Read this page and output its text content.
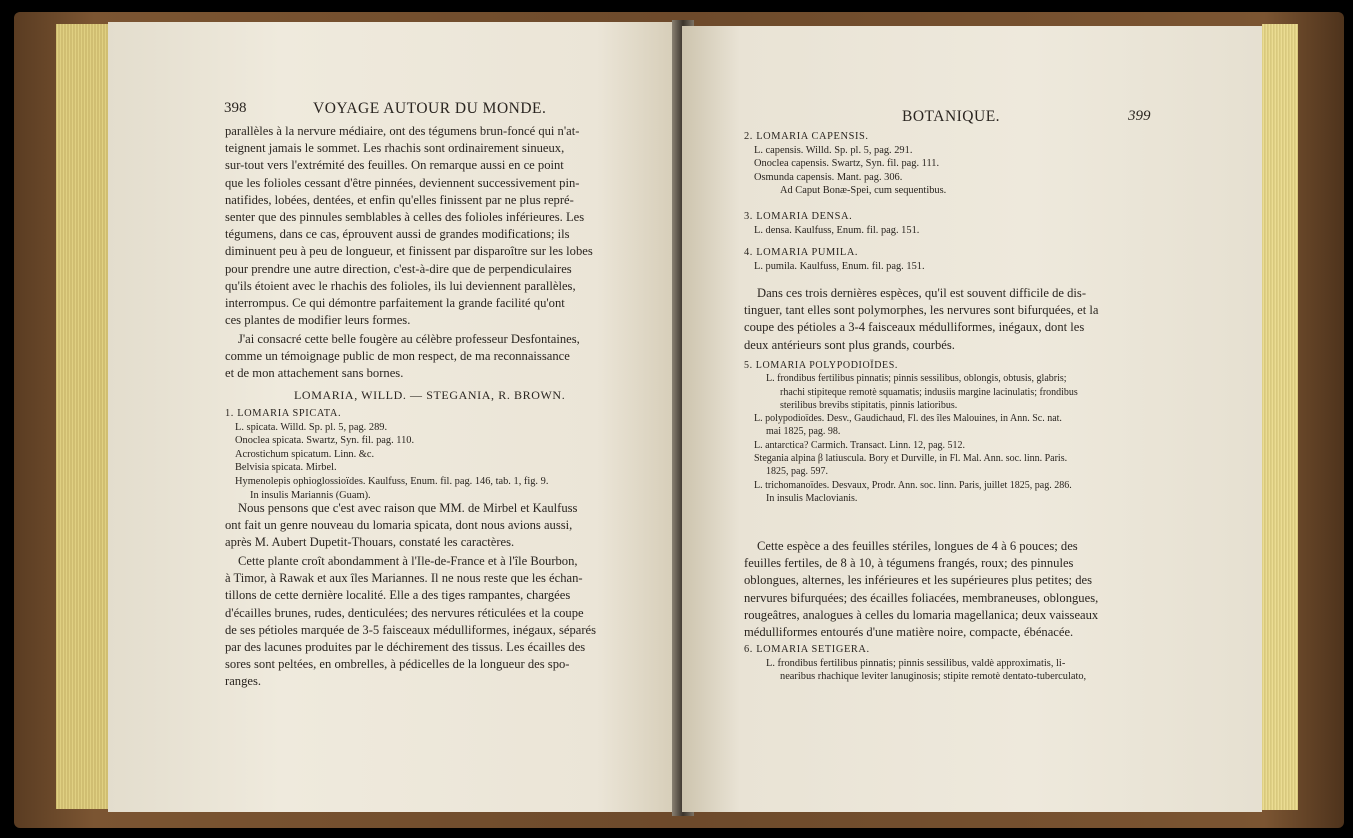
398	VOYAGE AUTOUR DU MONDE.
parallèles à la nervure médiaire, ont des tégumens brun-foncé qui n'at-
teignent jamais le sommet. Les rhachis sont ordinairement sinueux,
sur-tout vers l'extrémité des feuilles. On remarque aussi en ce point
que les folioles cessant d'être pinnées, deviennent successivement pin-
natifides, lobées, dentées, et enfin qu'elles finissent par ne plus repré-
senter que des pinnules semblables à celles des folioles inférieures. Les
tégumens, dans ce cas, éprouvent aussi de grandes modifications; ils
diminuent peu à peu de longueur, et finissent par disparoître sur les lobes
pour prendre une autre direction, c'est-à-dire que de perpendiculaires
qu'ils étoient avec le rhachis des folioles, ils lui deviennent parallèles,
interrompus. Ce qui démontre parfaitement la grande facilité qu'ont
ces plantes de modifier leurs formes.
J'ai consacré cette belle fougère au célèbre professeur Desfontaines,
comme un témoignage public de mon respect, de ma reconnaissance
et de mon attachement sans bornes.
LOMARIA, WILLD. — STEGANIA, R. BROWN.
1. LOMARIA SPICATA.
L. spicata. Willd. Sp. pl. 5, pag. 289.
Onoclea spicata. Swartz, Syn. fil. pag. 110.
Acrostichum spicatum. Linn. &c.
Belvisia spicata. Mirbel.
Hymenolepis ophioglossioïdes. Kaulfuss, Enum. fil. pag. 146, tab. 1, fig. 9.
In insulis Mariannis (Guam).
Nous pensons que c'est avec raison que MM. de Mirbel et Kaulfuss
ont fait un genre nouveau du lomaria spicata, dont nous avions aussi,
après M. Aubert Dupetit-Thouars, constaté les caractères.
Cette plante croît abondamment à l'Ile-de-France et à l'île Bourbon,
à Timor, à Rawak et aux îles Mariannes. Il ne nous reste que les échan-
tillons de cette dernière localité. Elle a des tiges rampantes, chargées
d'écailles brunes, rudes, denticulées; des nervures réticulées et la coupe
de ses pétioles marquée de 3-5 faisceaux médulliformes, inégaux, séparés
par des lacunes produites par le déchirement des tissus. Les écailles des
sores sont peltées, en ombrelles, à pédicelles de la longueur des spo-
ranges.
BOTANIQUE.	399
2. LOMARIA CAPENSIS.
L. capensis. Willd. Sp. pl. 5, pag. 291.
Onoclea capensis. Swartz, Syn. fil. pag. 111.
Osmunda capensis. Mant. pag. 306.
Ad Caput Bonæ-Spei, cum sequentibus.
3. LOMARIA DENSA.
L. densa. Kaulfuss, Enum. fil. pag. 151.
4. LOMARIA PUMILA.
L. pumila. Kaulfuss, Enum. fil. pag. 151.
Dans ces trois dernières espèces, qu'il est souvent difficile de dis-
tinguer, tant elles sont polymorphes, les nervures sont bifurquées, et la
coupe des pétioles a 3-4 faisceaux médulliformes, inégaux, dont les
deux antérieurs sont plus grands, courbés.
5. LOMARIA POLYPODIOÏDES.
L. frondibus fertilibus pinnatis; pinnis sessilibus, oblongis, obtusis, glabris;
rhachi stipiteque remotè squamatis; indusiis margine lacinulatis; frondibus
sterilibus brevibs stipitatis, pinnis latioribus.
L. polypodioïdes. Desv., Gaudichaud, Fl. des îles Malouines, in Ann. Sc. nat.
mai 1825, pag. 98.
L. antarctica? Carmich. Transact. Linn. 12, pag. 512.
Stegania alpina β latiuscula. Bory et Durville, in Fl. Mal. Ann. soc. linn. Paris.
1825, pag. 597.
L. trichomanoïdes. Desvaux, Prodr. Ann. soc. linn. Paris, juillet 1825, pag. 286.
In insulis Maclovianis.
Cette espèce a des feuilles stériles, longues de 4 à 6 pouces; des
feuilles fertiles, de 8 à 10, à tégumens frangés, roux; des pinnules
oblongues, alternes, les inférieures et les supérieures plus petites; des
nervures bifurquées; des écailles foliacées, membraneuses, oblongues,
rougeâtres, analogues à celles du lomaria magellanica; deux vaisseaux
médulliformes entourés d'une matière noire, compacte, ébénacée.
6. LOMARIA SETIGERA.
L. frondibus fertilibus pinnatis; pinnis sessilibus, valdè approximatis, li-
nearibus rhachique leviter lanuginosis; stipite remotè dentato-tuberculato,
